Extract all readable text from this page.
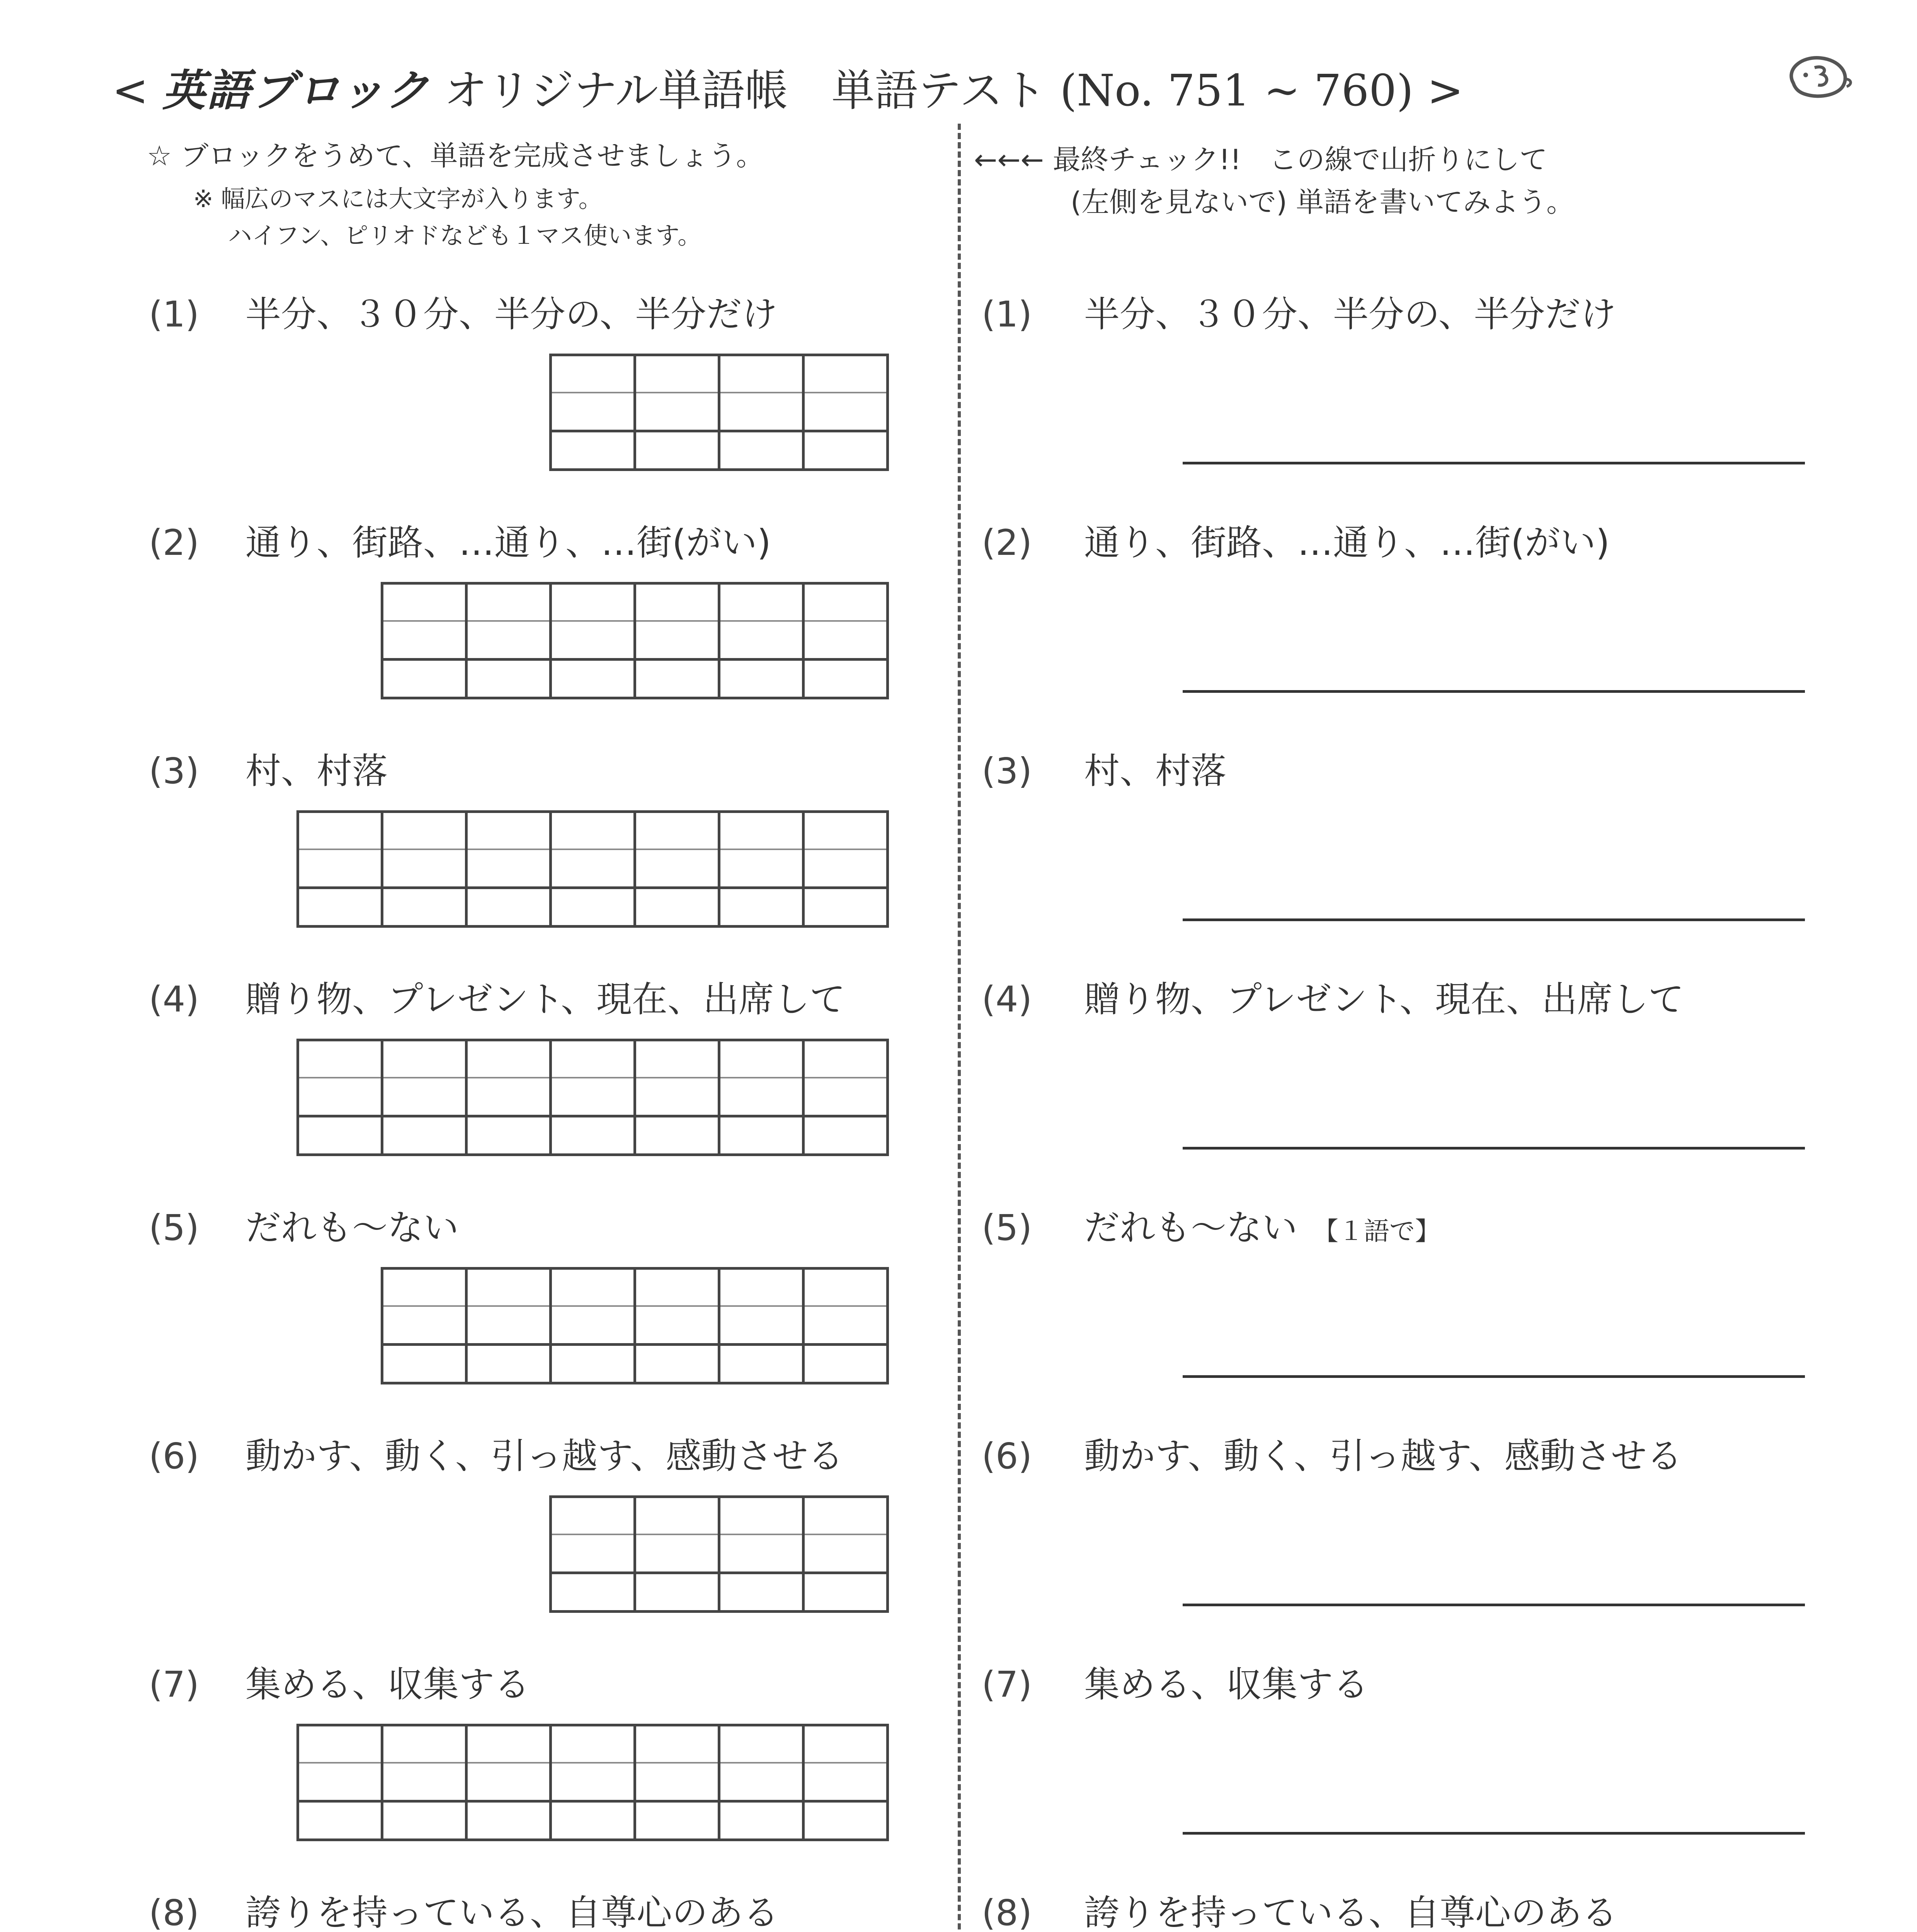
< 英語ブロック オリジナル単語帳　単語テスト (No. 751 ~ 760) >
☆ ブロックをうめて、単語を完成させましょう。
※ 幅広のマスには大文字が入ります。
ハイフン、ピリオドなども１マス使います。
←←← 最終チェック!!　この線で山折りにして
(左側を見ないで) 単語を書いてみよう。
(1) 半分、３０分、半分の、半分だけ	(1) 半分、３０分、半分の、半分だけ
(2) 通り、街路、…通り、…街(がい)	(2) 通り、街路、…通り、…街(がい)
(3) 村、村落	(3) 村、村落
(4) 贈り物、プレゼント、現在、出席して	(4) 贈り物、プレゼント、現在、出席して
(5) だれも〜ない	(5) だれも〜ない 【１語で】
(6) 動かす、動く、引っ越す、感動させる	(6) 動かす、動く、引っ越す、感動させる
(7) 集める、収集する	(7) 集める、収集する
(8) 誇りを持っている、自尊心のある	(8) 誇りを持っている、自尊心のある
